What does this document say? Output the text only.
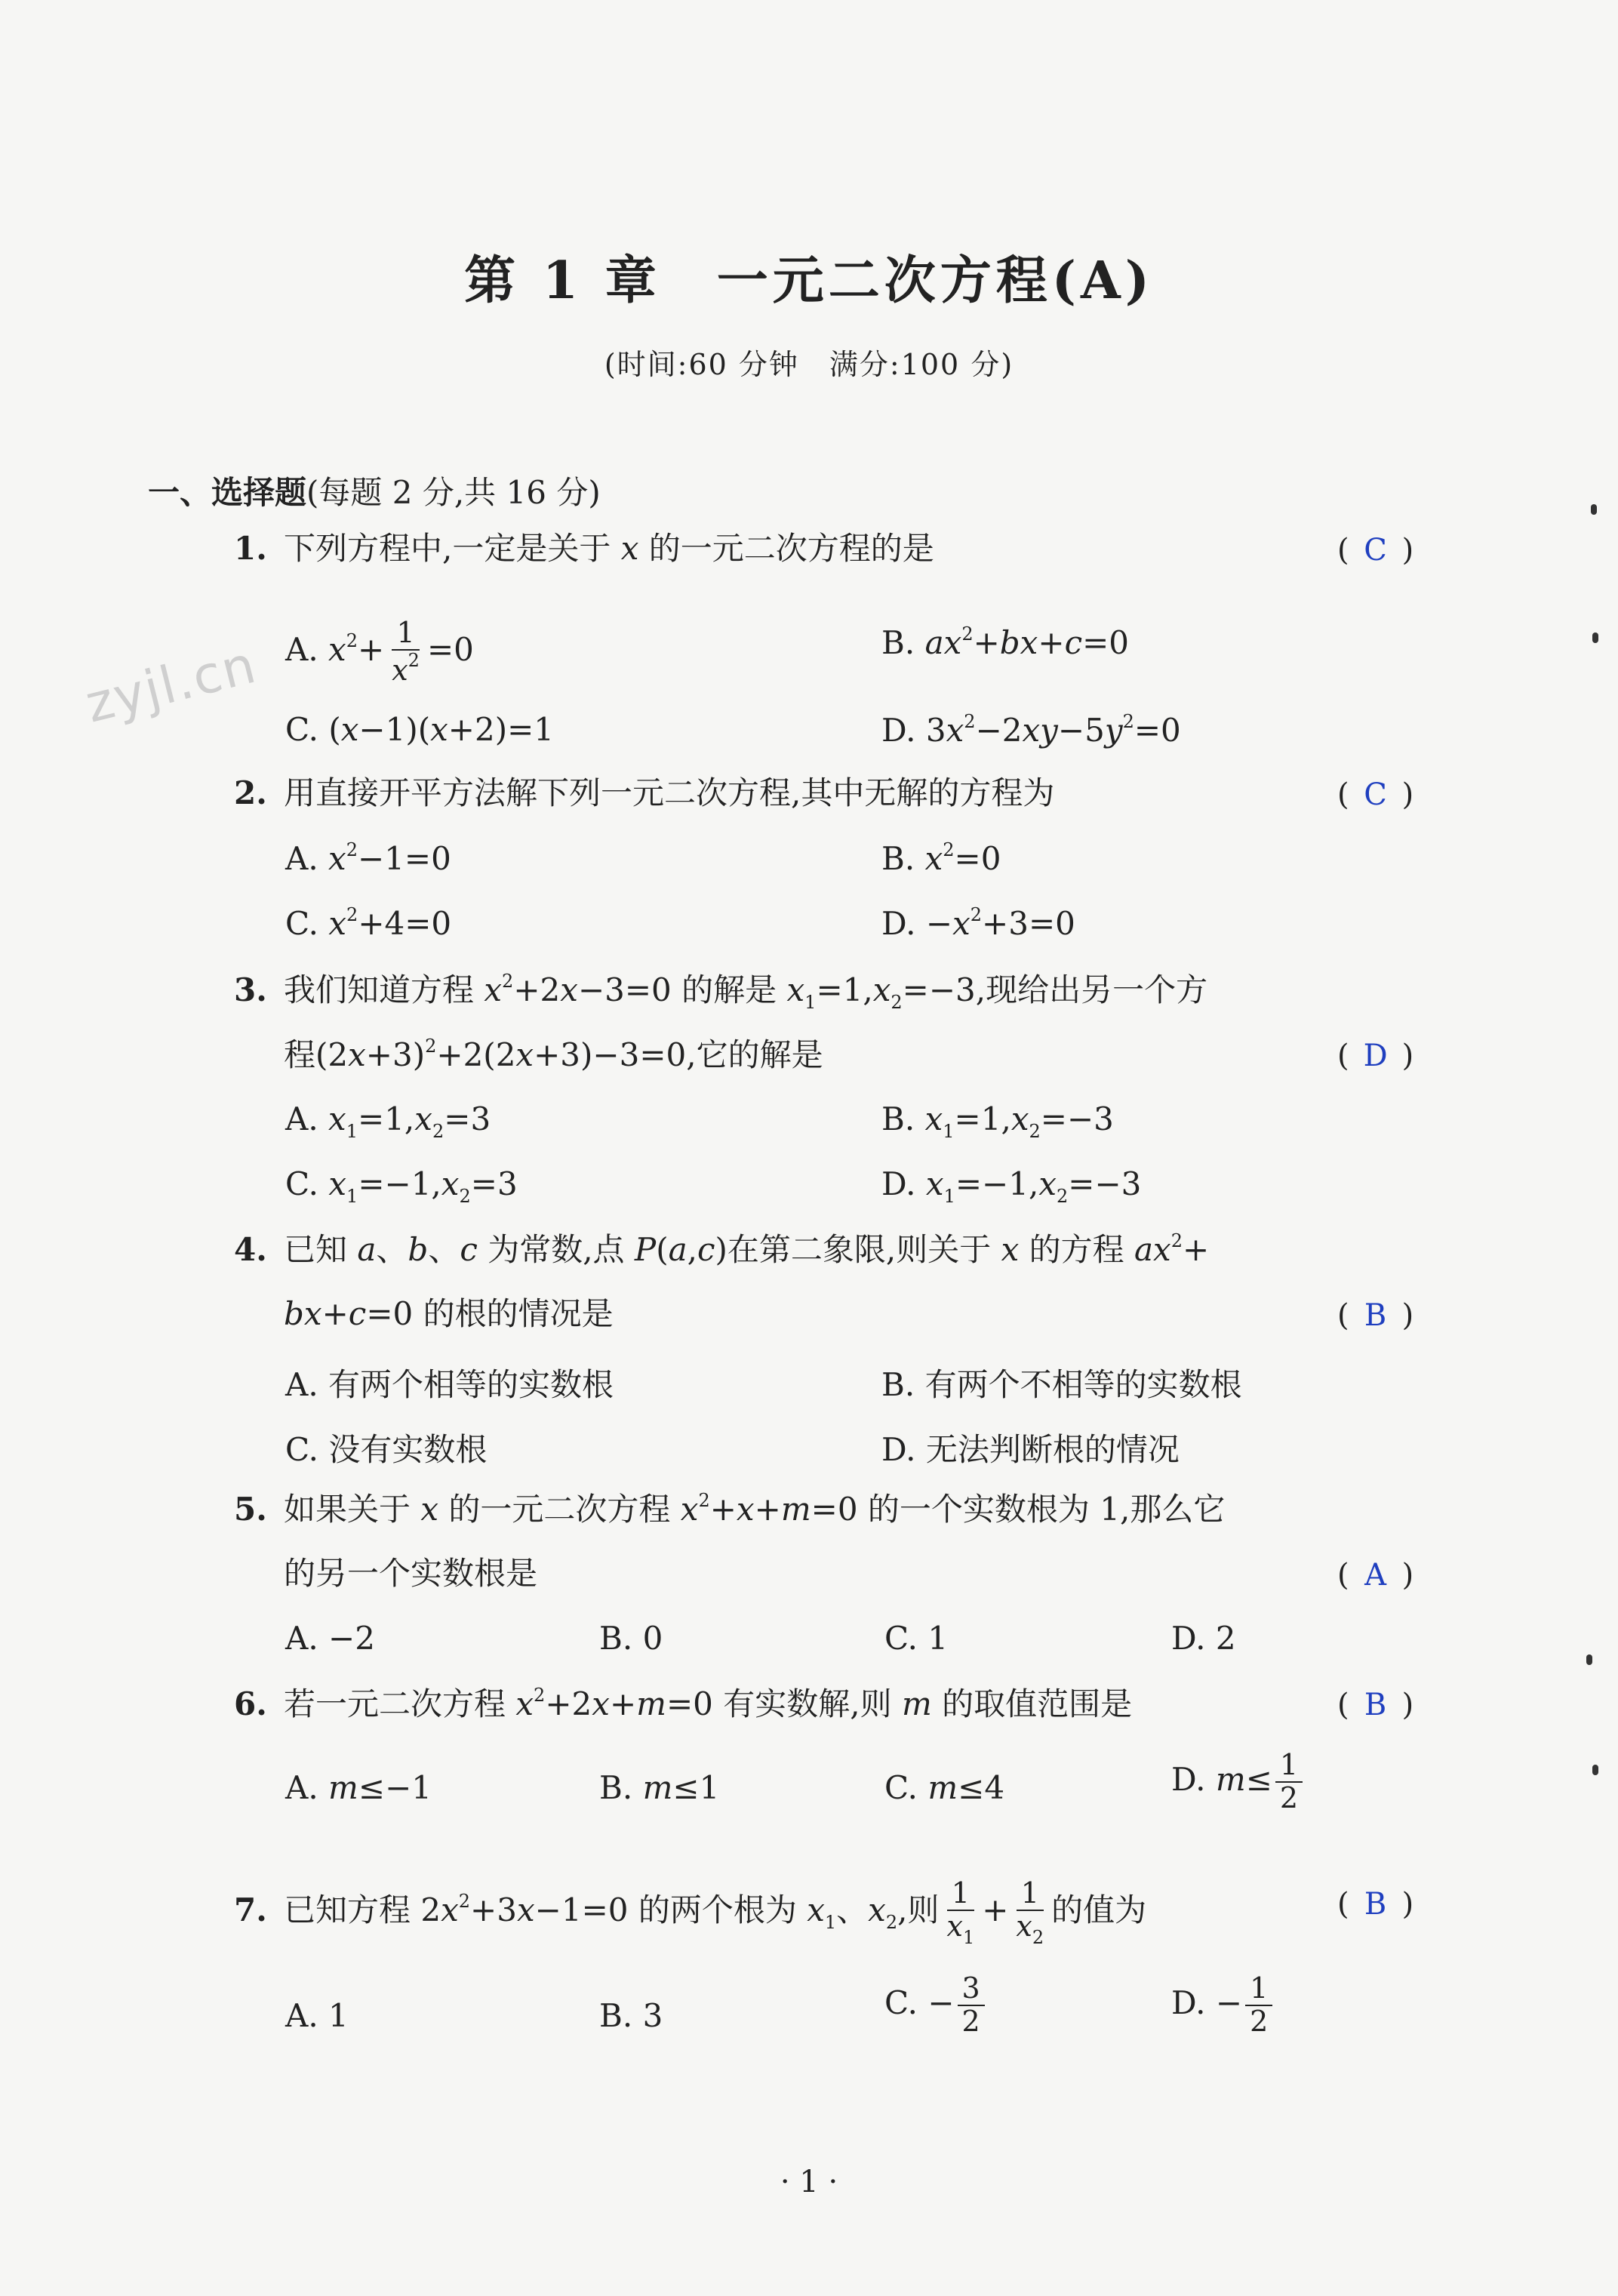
第 1 章　一元二次方程(A)
(时间:60 分钟　满分:100 分)
zyjl.cn
一、选择题(每题 2 分,共 16 分)
1. 下列方程中,一定是关于 x 的一元二次方程的是	( C )
A. $x^2+ \frac{1}{x^2} =0$	B. $ax^2+bx+c=0$
C. (x−1)(x+2)=1	D. $3x^2-2xy-5y^2=0$
2. 用直接开平方法解下列一元二次方程,其中无解的方程为	( C )
A. $x^2-1=0$	B. $x^2=0$
C. $x^2+4=0$	D. $-x^2+3=0$
3. 我们知道方程 $x^2+2x-3=0$ 的解是 $x_1=1,x_2=-3$,现给出另一个方
程$(2x+3)^2+2(2x+3)-3=0$,它的解是	( D )
A. $x_1=1,x_2=3$	B. $x_1=1,x_2=-3$
C. $x_1=-1,x_2=3$	D. $x_1=-1,x_2=-3$
4. 已知 a、b、c 为常数,点 P(a,c)在第二象限,则关于 x 的方程 $ax^2+$
bx+c=0 的根的情况是	( B )
A. 有两个相等的实数根	B. 有两个不相等的实数根
C. 没有实数根	D. 无法判断根的情况
5. 如果关于 x 的一元二次方程 $x^2+x+m=0$ 的一个实数根为 1,那么它
的另一个实数根是	( A )
A. −2	B. 0	C. 1	D. 2
6. 若一元二次方程 $x^2+2x+m=0$ 有实数解,则 m 的取值范围是	( B )
A. m≤−1	B. m≤1	C. m≤4	D. $m\le \frac{1}{2}$
7. 已知方程 $2x^2+3x-1=0$ 的两个根为 $x_1$、$x_2$,则 $\frac{1}{x_1} + \frac{1}{x_2}$ 的值为	( B )
A. 1	B. 3	C. − $\frac{3}{2}$	D. − $\frac{1}{2}$
· 1 ·
